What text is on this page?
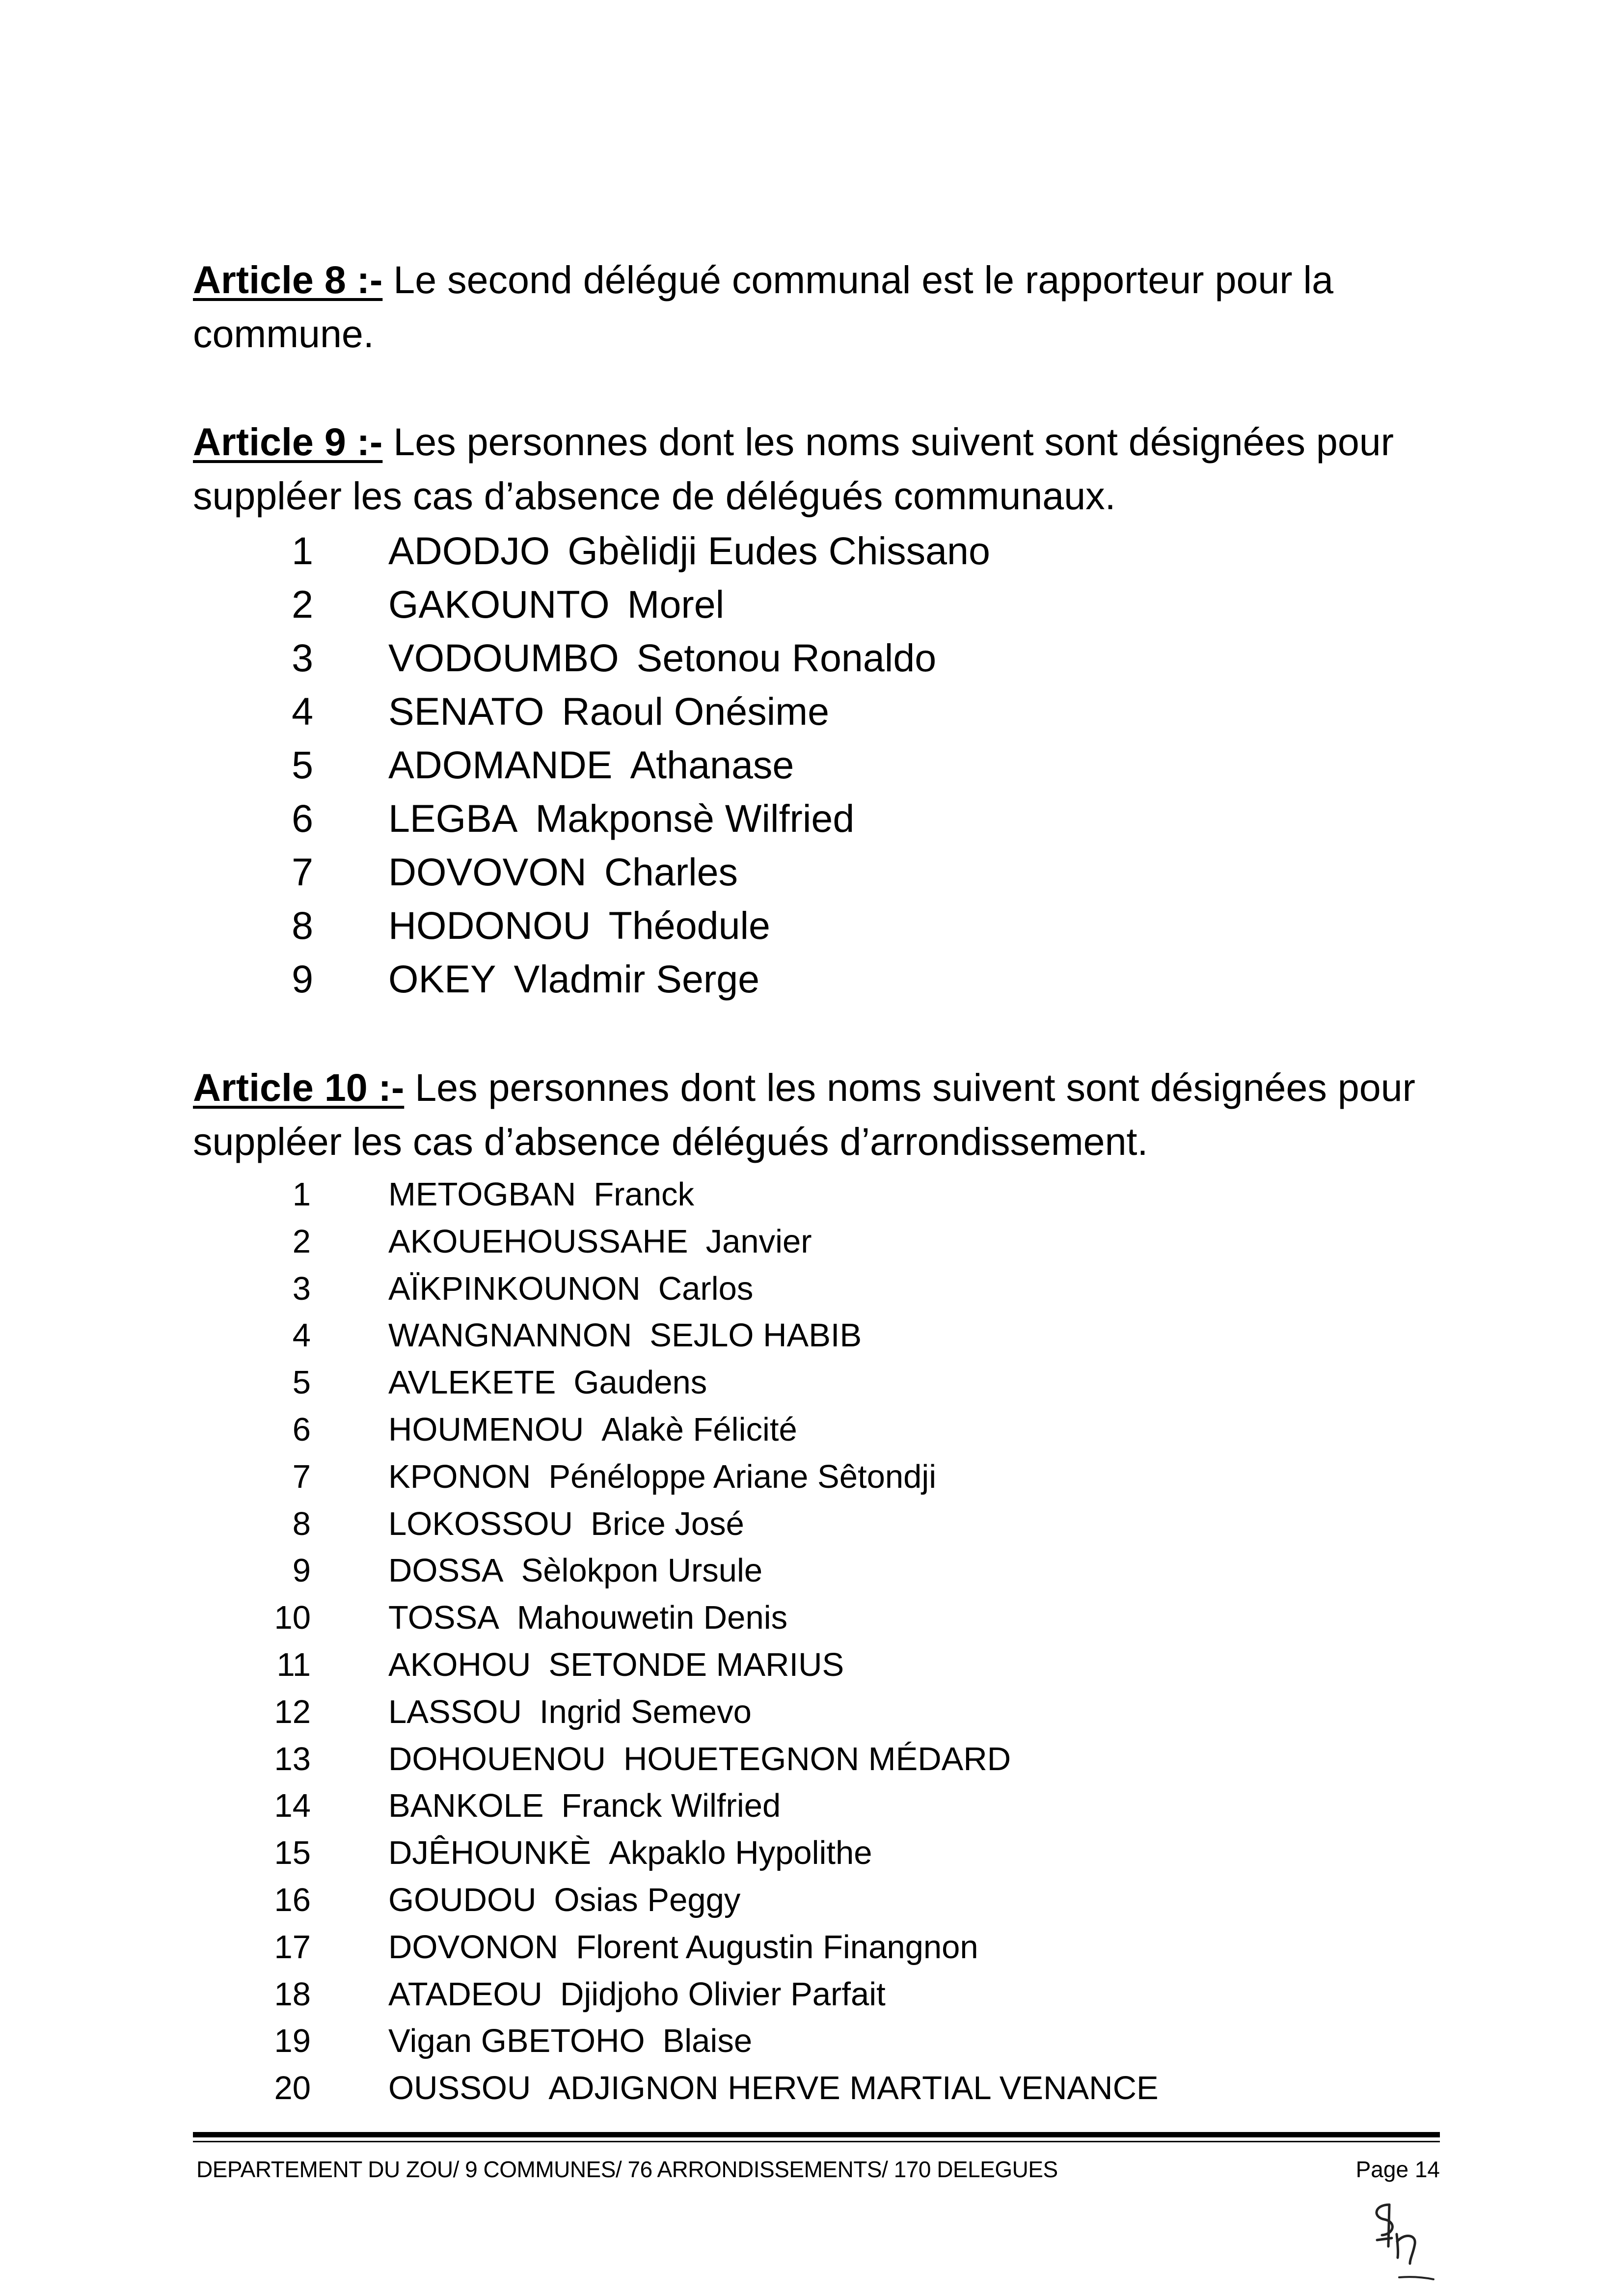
Article 8 :- Le second délégué communal est le rapporteur pour la commune.

Article 9 :- Les personnes dont les noms suivent sont désignées pour suppléer les cas d’absence de délégués communaux.

1 ADODJO Gbèlidji Eudes Chissano
2 GAKOUNTO Morel
3 VODOUMBO Setonou Ronaldo
4 SENATO Raoul Onésime
5 ADOMANDE Athanase
6 LEGBA Makponsè Wilfried
7 DOVOVON Charles
8 HODONOU Théodule
9 OKEY Vladmir Serge

Article 10 :- Les personnes dont les noms suivent sont désignées pour suppléer les cas d’absence délégués d’arrondissement.

1 METOGBAN Franck
2 AKOUEHOUSSAHE Janvier
3 AÏKPINKOUNON Carlos
4 WANGNANNON SEJLO HABIB
5 AVLEKETE Gaudens
6 HOUMENOU Alakè Félicité
7 KPONON Pénéloppe Ariane Sêtondji
8 LOKOSSOU Brice José
9 DOSSA Sèlokpon Ursule
10 TOSSA Mahouwetin Denis
11 AKOHOU SETONDE MARIUS
12 LASSOU Ingrid Semevo
13 DOHOUENOU HOUETEGNON MÉDARD
14 BANKOLE Franck Wilfried
15 DJÊHOUNKÈ Akpaklo Hypolithe
16 GOUDOU Osias Peggy
17 DOVONON Florent Augustin Finangnon
18 ATADEOU Djidjoho Olivier Parfait
19 Vigan GBETOHO Blaise
20 OUSSOU ADJIGNON HERVE MARTIAL VENANCE
DEPARTEMENT DU ZOU/ 9 COMMUNES/ 76 ARRONDISSEMENTS/ 170 DELEGUES	Page 14
